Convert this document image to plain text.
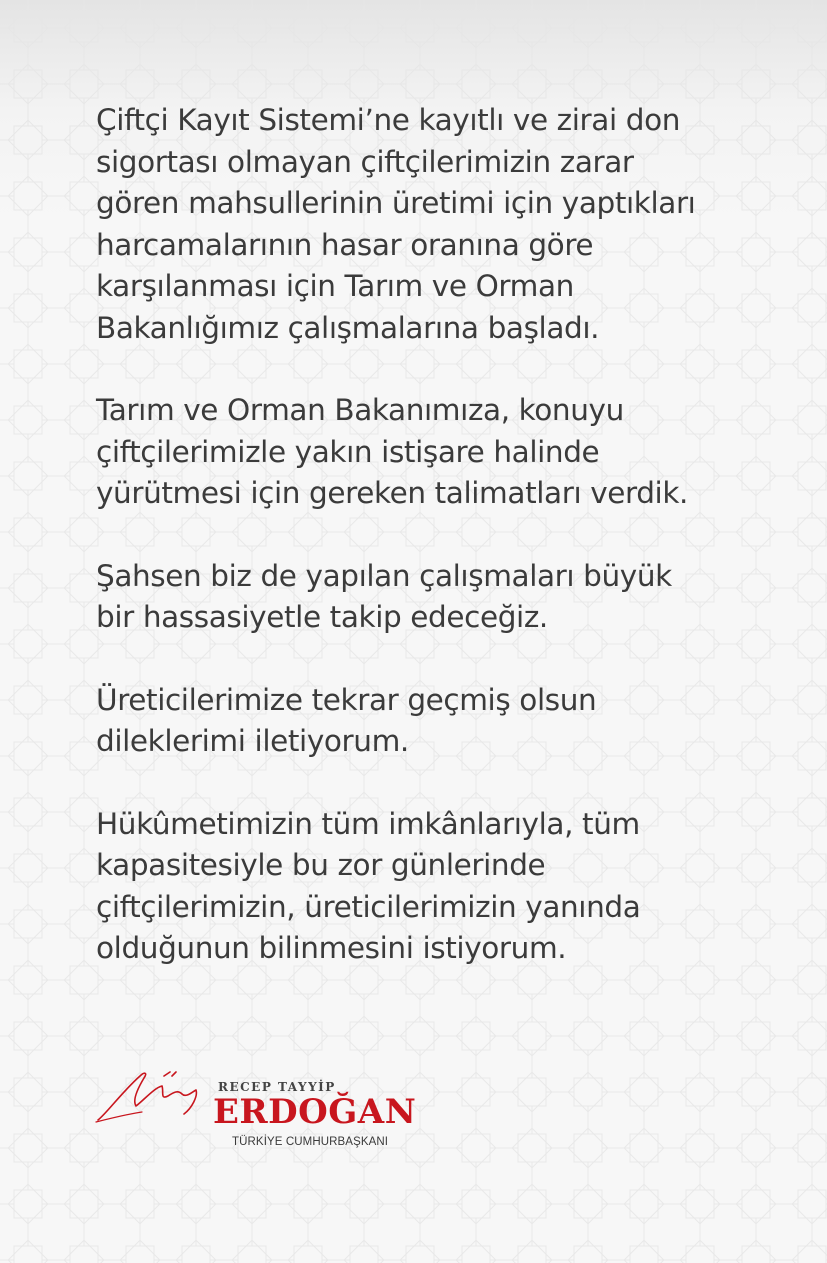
Çiftçi Kayıt Sistemi’ne kayıtlı ve zirai don
sigortası olmayan çiftçilerimizin zarar
gören mahsullerinin üretimi için yaptıkları
harcamalarının hasar oranına göre
karşılanması için Tarım ve Orman
Bakanlığımız çalışmalarına başladı.

Tarım ve Orman Bakanımıza, konuyu
çiftçilerimizle yakın istişare halinde
yürütmesi için gereken talimatları verdik.

Şahsen biz de yapılan çalışmaları büyük
bir hassasiyetle takip edeceğiz.

Üreticilerimize tekrar geçmiş olsun
dileklerimi iletiyorum.

Hükûmetimizin tüm imkânlarıyla, tüm
kapasitesiyle bu zor günlerinde
çiftçilerimizin, üreticilerimizin yanında
olduğunun bilinmesini istiyorum.

RECEP TAYYİP
ERDOĞAN
TÜRKİYE CUMHURBAŞKANI
